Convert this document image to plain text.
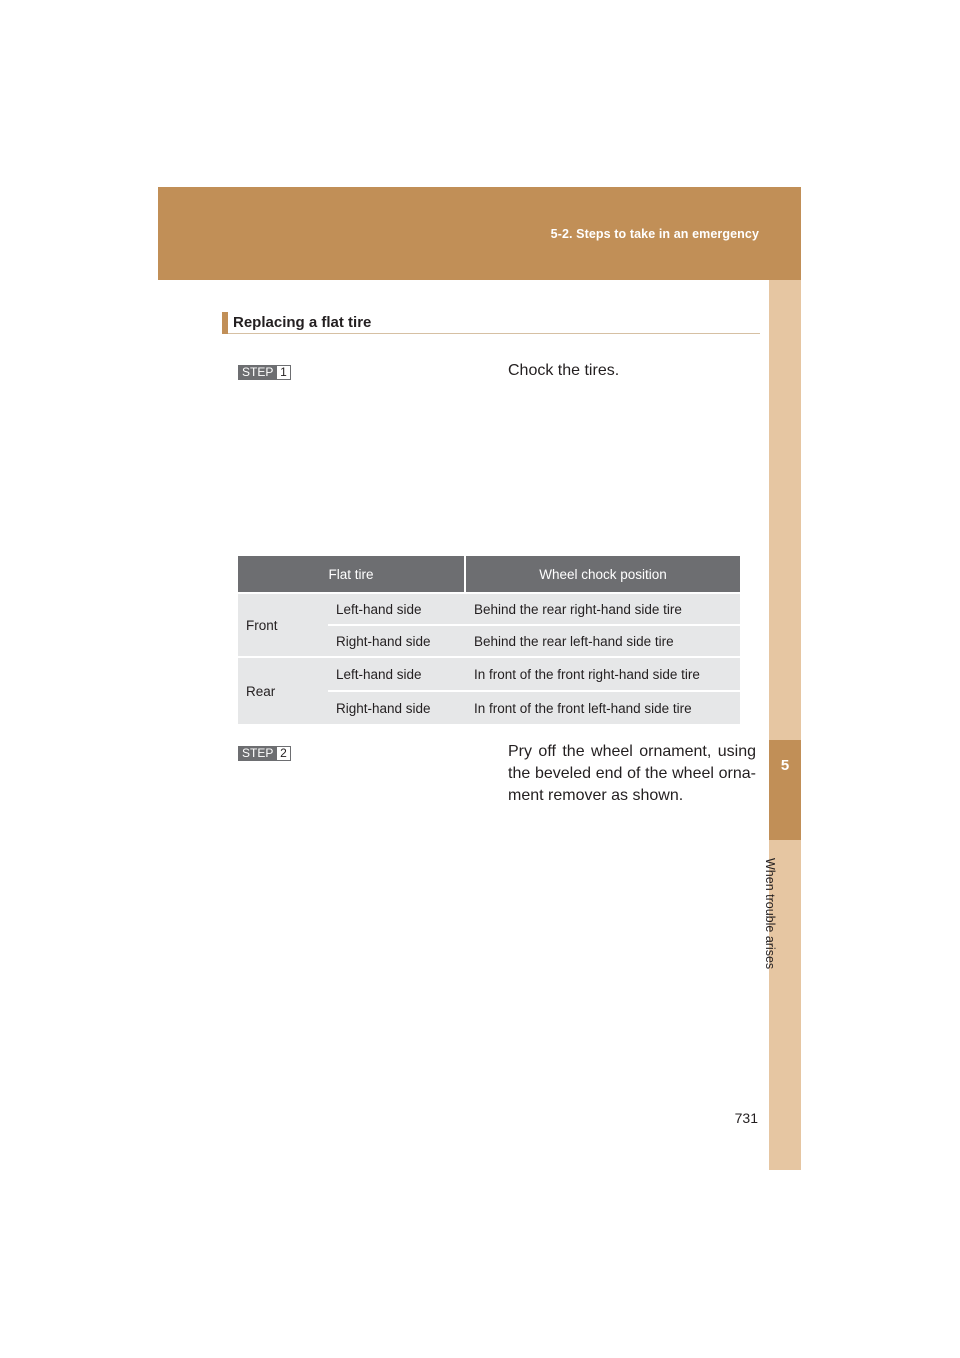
5-2. Steps to take in an emergency
5
When trouble arises
Replacing a flat tire
STEP 1	Chock the tires.
Flat tire		Wheel chock position
Front	Left-hand side	Behind the rear right-hand side tire
	Right-hand side	Behind the rear left-hand side tire
Rear	Left-hand side	In front of the front right-hand side tire
	Right-hand side	In front of the front left-hand side tire
STEP 2	Pry off the wheel ornament, using the beveled end of the wheel orna-ment remover as shown.
731
